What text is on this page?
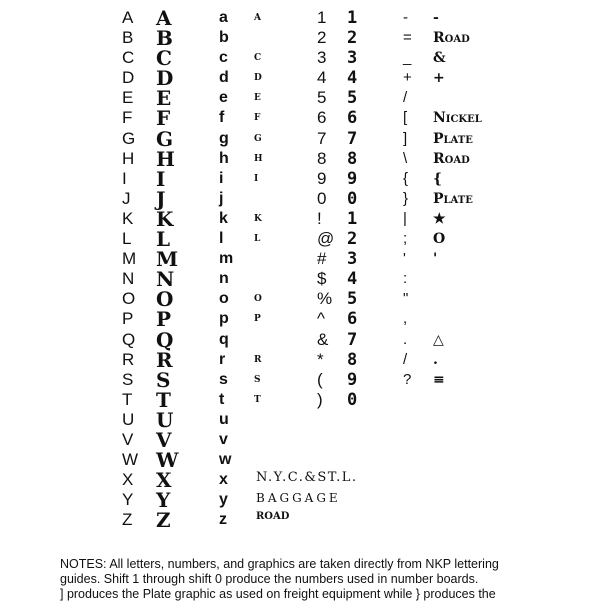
A
B
C
D
E
F
G
H
I
J
K
L
M
N
O
P
Q
R
S
T
U
V
W
X
Y
Z
A
B
C
D
E
F
G
H
I
J
K
L
M
N
O
P
Q
R
S
T
U
V
W
X
Y
Z
a
b
c
d
e
f
g
h
i
j
k
l
m
n
o
p
q
r
s
t
u
v
w
x
y
z
A
C
D
E
F
G
H
I
K
L
O
P
R
S
T
1
2
3
4
5
6
7
8
9
0
!
@
#
$
%
^
&
*
(
)
1
2
3
4
5
6
7
8
9
0
1
2
3
4
5
6
7
8
9
0
-
=
_
+
/
[
]
\
{
}
|
;
'
:
"
,
.
/
?
-
Road
&
+
Nickel
Plate
Road
{
Plate
★
O
'
△
.
≡
N.Y.C.&ST.L.
BAGGAGE
ROAD
NOTES: All letters, numbers, and graphics are taken directly from NKP lettering
guides. Shift 1 through shift 0 produce the numbers used in number boards.
] produces the Plate graphic as used on freight equipment while } produces the
